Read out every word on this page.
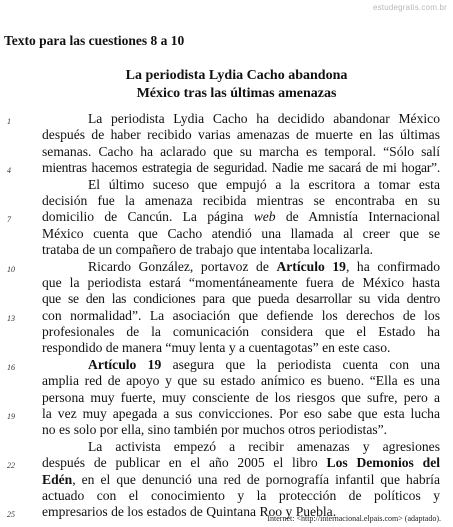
estudegratis.com.br
Texto para las cuestiones 8 a 10
La periodista Lydia Cacho abandona
México tras las últimas amenazas
1	La periodista Lydia Cacho ha decidido abandonar México
después de haber recibido varias amenazas de muerte en las últimas
semanas. Cacho ha aclarado que su marcha es temporal. “Sólo salí
4 mientras hacemos estrategia de seguridad. Nadie me sacará de mi hogar”.
El último suceso que empujó a la escritora a tomar esta
decisión fue la amenaza recibida mientras se encontraba en su
7 domicilio de Cancún. La página web de Amnistía Internacional
México cuenta que Cacho atendió una llamada al creer que se
trataba de un compañero de trabajo que intentaba localizarla.
10	Ricardo González, portavoz de Artículo 19, ha confirmado
que la periodista estará “momentáneamente fuera de México hasta
que se den las condiciones para que pueda desarrollar su vida dentro
13 con normalidad”. La asociación que defiende los derechos de los
profesionales de la comunicación considera que el Estado ha
respondido de manera “muy lenta y a cuentagotas” en este caso.
16	Artículo 19 asegura que la periodista cuenta con una
amplia red de apoyo y que su estado anímico es bueno. “Ella es una
persona muy fuerte, muy consciente de los riesgos que sufre, pero a
19 la vez muy apegada a sus convicciones. Por eso sabe que esta lucha
no es solo por ella, sino también por muchos otros periodistas”.
La activista empezó a recibir amenazas y agresiones
22 después de publicar en el año 2005 el libro Los Demonios del
Edén, en el que denunció una red de pornografía infantil que habría
actuado con el conocimiento y la protección de políticos y
25 empresarios de los estados de Quintana Roo y Puebla.
Internet: <http://internacional.elpais.com> (adaptado).
